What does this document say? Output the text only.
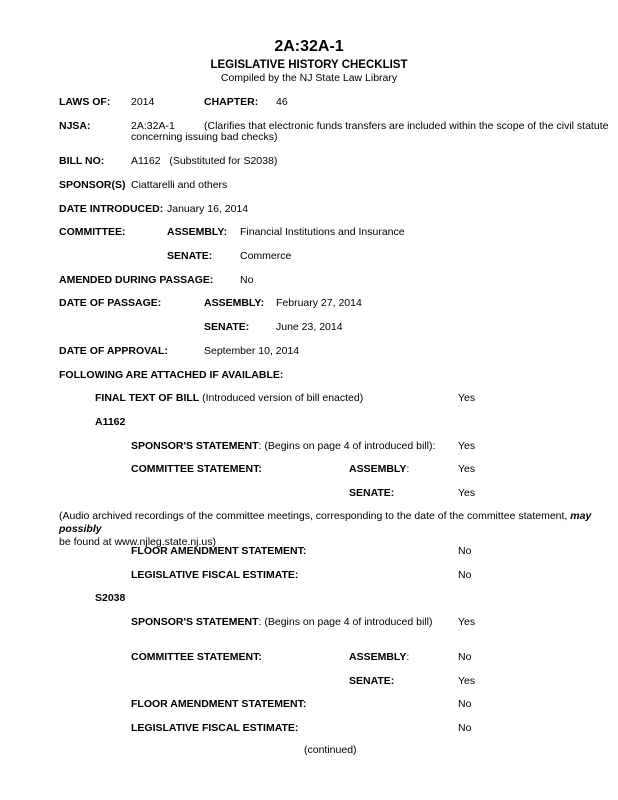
2A:32A-1
LEGISLATIVE HISTORY CHECKLIST
Compiled by the NJ State Law Library
LAWS OF: 2014	CHAPTER: 46
NJSA:	2A:32A-1	(Clarifies that electronic funds transfers are included within the scope of the civil statute
concerning issuing bad checks)
BILL NO:	A1162   (Substituted for S2038)
SPONSOR(S) Ciattarelli and others
DATE INTRODUCED: January 16, 2014
COMMITTEE:	ASSEMBLY: Financial Institutions and Insurance
SENATE:	Commerce
AMENDED DURING PASSAGE:	No
DATE OF PASSAGE:	ASSEMBLY: February 27, 2014
SENATE:	June 23, 2014
DATE OF APPROVAL:	September 10, 2014
FOLLOWING ARE ATTACHED IF AVAILABLE:
FINAL TEXT OF BILL (Introduced version of bill enacted)	Yes
A1162
SPONSOR'S STATEMENT: (Begins on page 4 of introduced bill): Yes
COMMITTEE STATEMENT:	ASSEMBLY:	Yes
SENATE:	Yes
(Audio archived recordings of the committee meetings, corresponding to the date of the committee statement, may possibly
be found at www.njleg.state.nj.us)
FLOOR AMENDMENT STATEMENT:	No
LEGISLATIVE FISCAL ESTIMATE:	No
S2038
SPONSOR'S STATEMENT: (Begins on page 4 of introduced bill) Yes
COMMITTEE STATEMENT:	ASSEMBLY:	No
SENATE:	Yes
FLOOR AMENDMENT STATEMENT:	No
LEGISLATIVE FISCAL ESTIMATE:	No
(continued)
